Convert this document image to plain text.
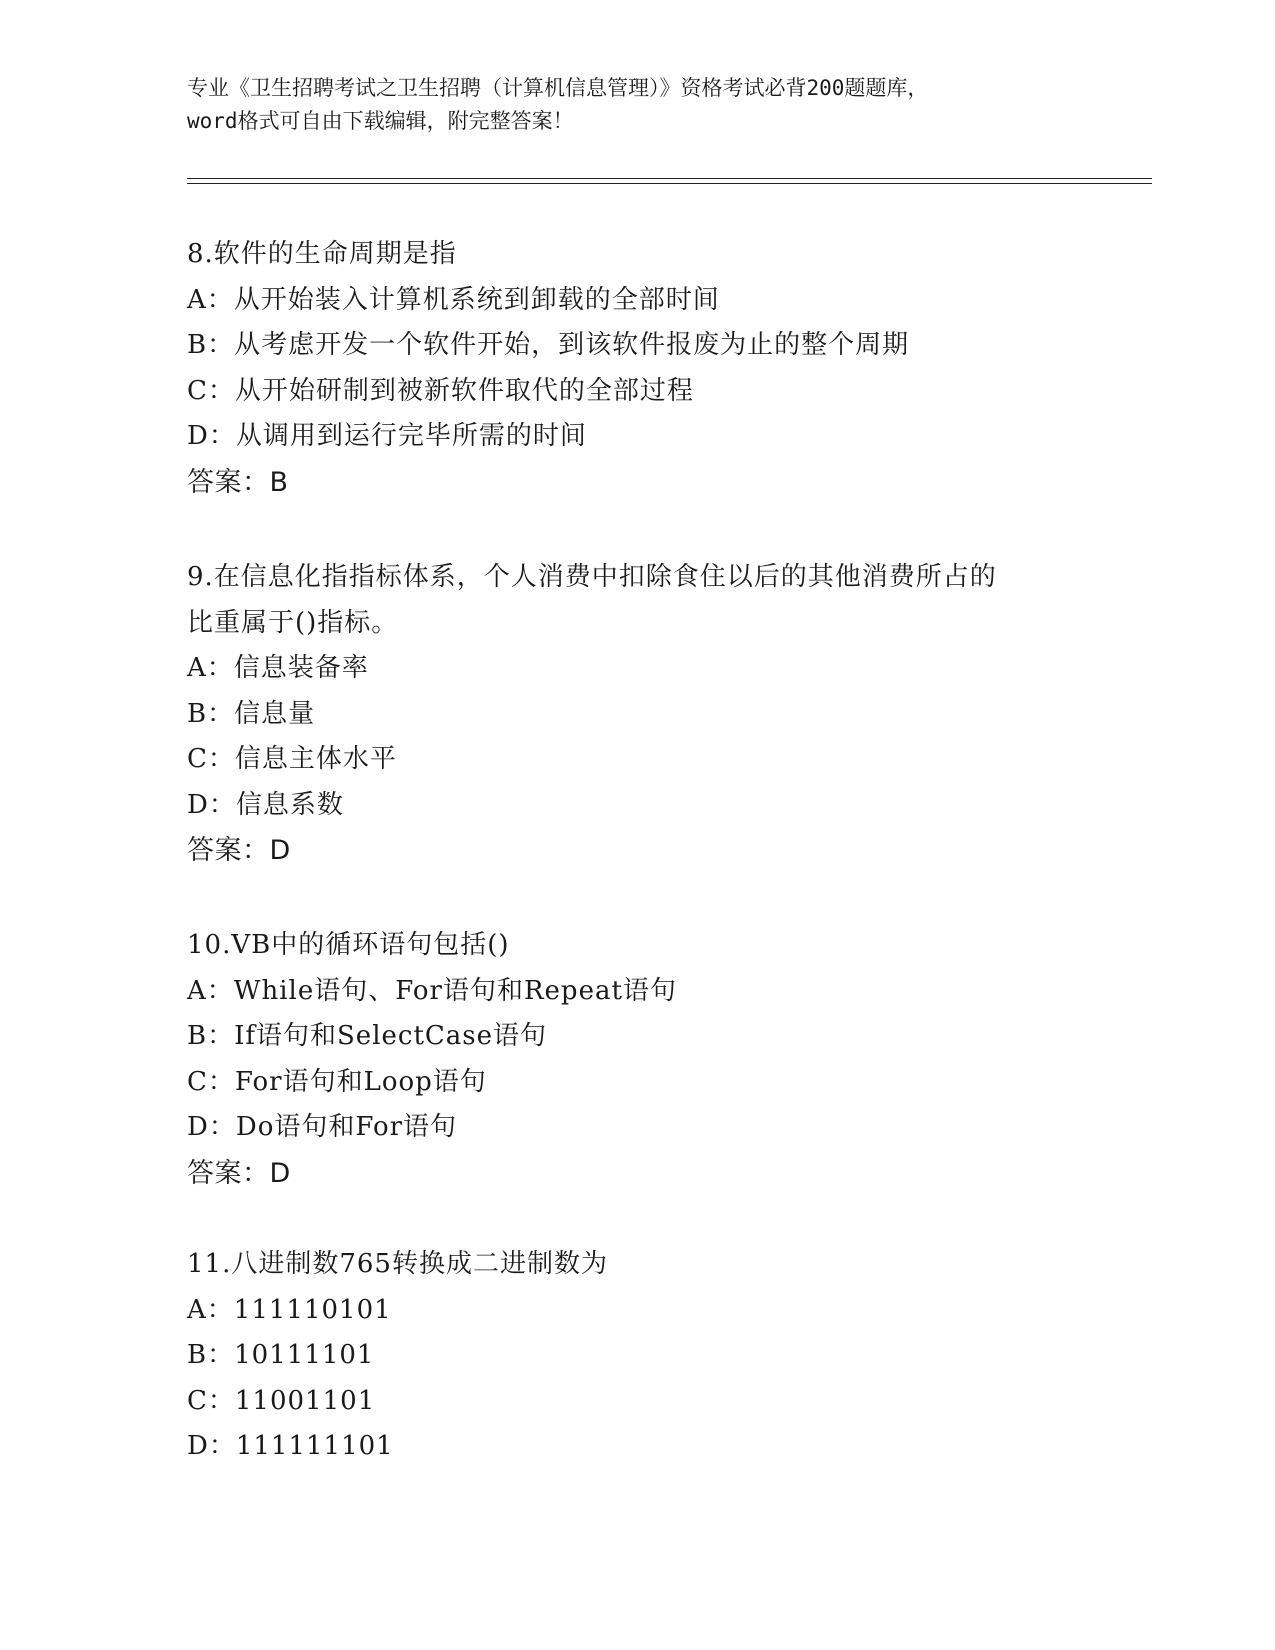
专业《卫生招聘考试之卫生招聘（计算机信息管理）》资格考试必背200题题库，
word格式可自由下载编辑，附完整答案！
8.软件的生命周期是指
A：从开始装入计算机系统到卸载的全部时间
B：从考虑开发一个软件开始，到该软件报废为止的整个周期
C：从开始研制到被新软件取代的全部过程
D：从调用到运行完毕所需的时间
答案：B
9.在信息化指指标体系，个人消费中扣除食住以后的其他消费所占的
比重属于()指标。
A：信息装备率
B：信息量
C：信息主体水平
D：信息系数
答案：D
10.VB中的循环语句包括()
A：While语句、For语句和Repeat语句
B：If语句和SelectCase语句
C：For语句和Loop语句
D：Do语句和For语句
答案：D
11.八进制数765转换成二进制数为
A：111110101
B：10111101
C：11001101
D：111111101
